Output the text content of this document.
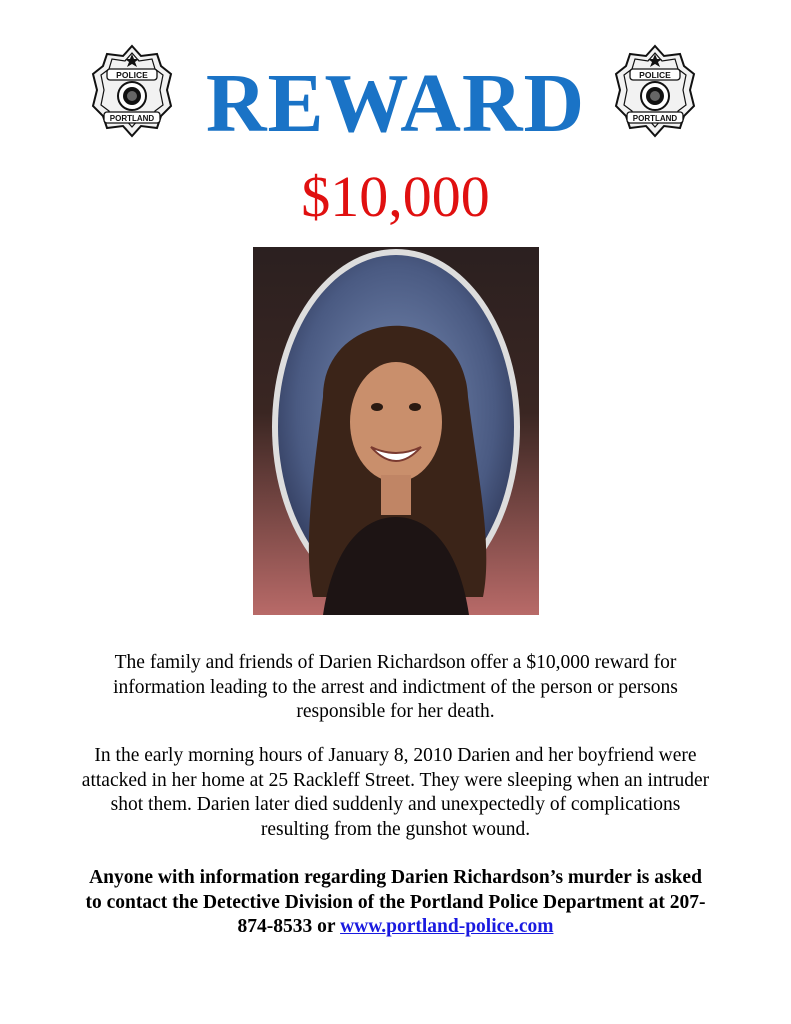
POLICE
PORTLAND
POLICE
PORTLAND
REWARD
$10,000
The family and friends of Darien Richardson offer a $10,000 reward for information leading to the arrest and indictment of the person or persons responsible for her death.
In the early morning hours of January 8, 2010 Darien and her boyfriend were attacked in her home at 25 Rackleff Street. They were sleeping when an intruder shot them. Darien later died suddenly and unexpectedly of complications resulting from the gunshot wound.
Anyone with information regarding Darien Richardson’s murder is asked to contact the Detective Division of the Portland Police Department at 207-874-8533 or www.portland-police.com
